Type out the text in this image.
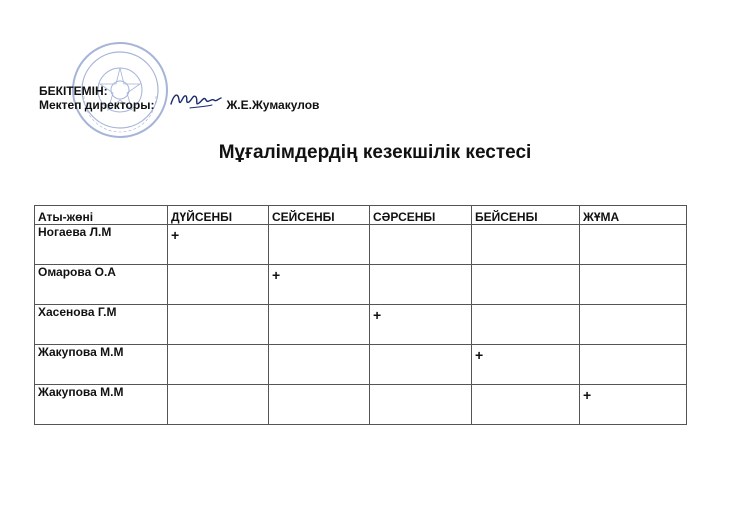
БЕКІТЕМІН:
Мектеп директоры:	Ж.Е.Жумакулов
Мұғалімдердің кезекшілік кестесі
Аты-жөні	ДҮЙСЕНБІ	СЕЙСЕНБІ	СӘРСЕНБІ	БЕЙСЕНБІ	ЖҰМА
Ногаева Л.М	+				
Омарова О.А		+			
Хасенова Г.М			+		
Жакупова М.М				+	
Жакупова М.М					+
